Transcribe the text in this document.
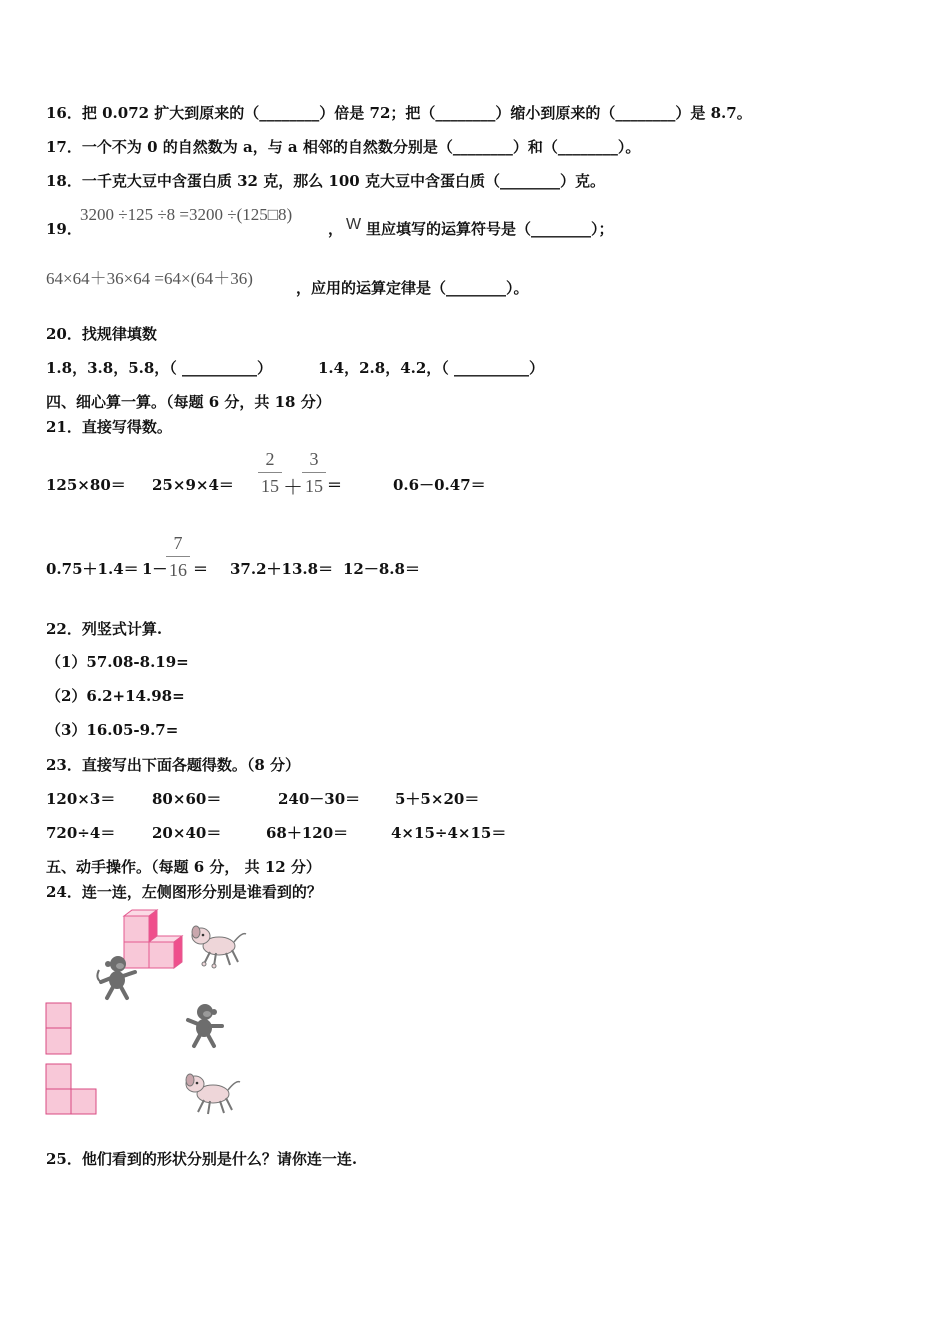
16．把 0.072 扩大到原来的（________）倍是 72；把（________）缩小到原来的（________）是 8.7。
17．一个不为 0 的自然数为 a，与 a 相邻的自然数分别是（________）和（________）。
18．一千克大豆中含蛋白质 32 克，那么 100 克大豆中含蛋白质（________）克。
19．
3200 ÷125 ÷8 =3200 ÷(125□8)
， W 里应填写的运算符号是（________）；
64×64＋36×64 =64×(64＋36)	，应用的运算定律是（________）。
20．找规律填数
1.8，3.8，5.8，（ __________）	1.4，2.8，4.2，（ __________）
四、细心算一算。（每题 6 分，共 18 分）
21．直接写得数。
125×80＝ 25×9×4＝
2
15 ＋
3
15 ＝	0.6－0.47＝
0.75＋1.4＝ 1－
7
16 ＝ 37.2＋13.8＝ 12－8.8＝
22．列竖式计算.
（1）57.08-8.19=
（2）6.2+14.98=
（3）16.05-9.7=
23．直接写出下面各题得数。（8 分）
120×3＝ 80×60＝	240－30＝ 5＋5×20＝
720÷4＝ 20×40＝	68＋120＝	4×15÷4×15＝
五、动手操作。（每题 6 分， 共 12 分）
24．连一连，左侧图形分别是谁看到的？
25．他们看到的形状分别是什么？请你连一连.
